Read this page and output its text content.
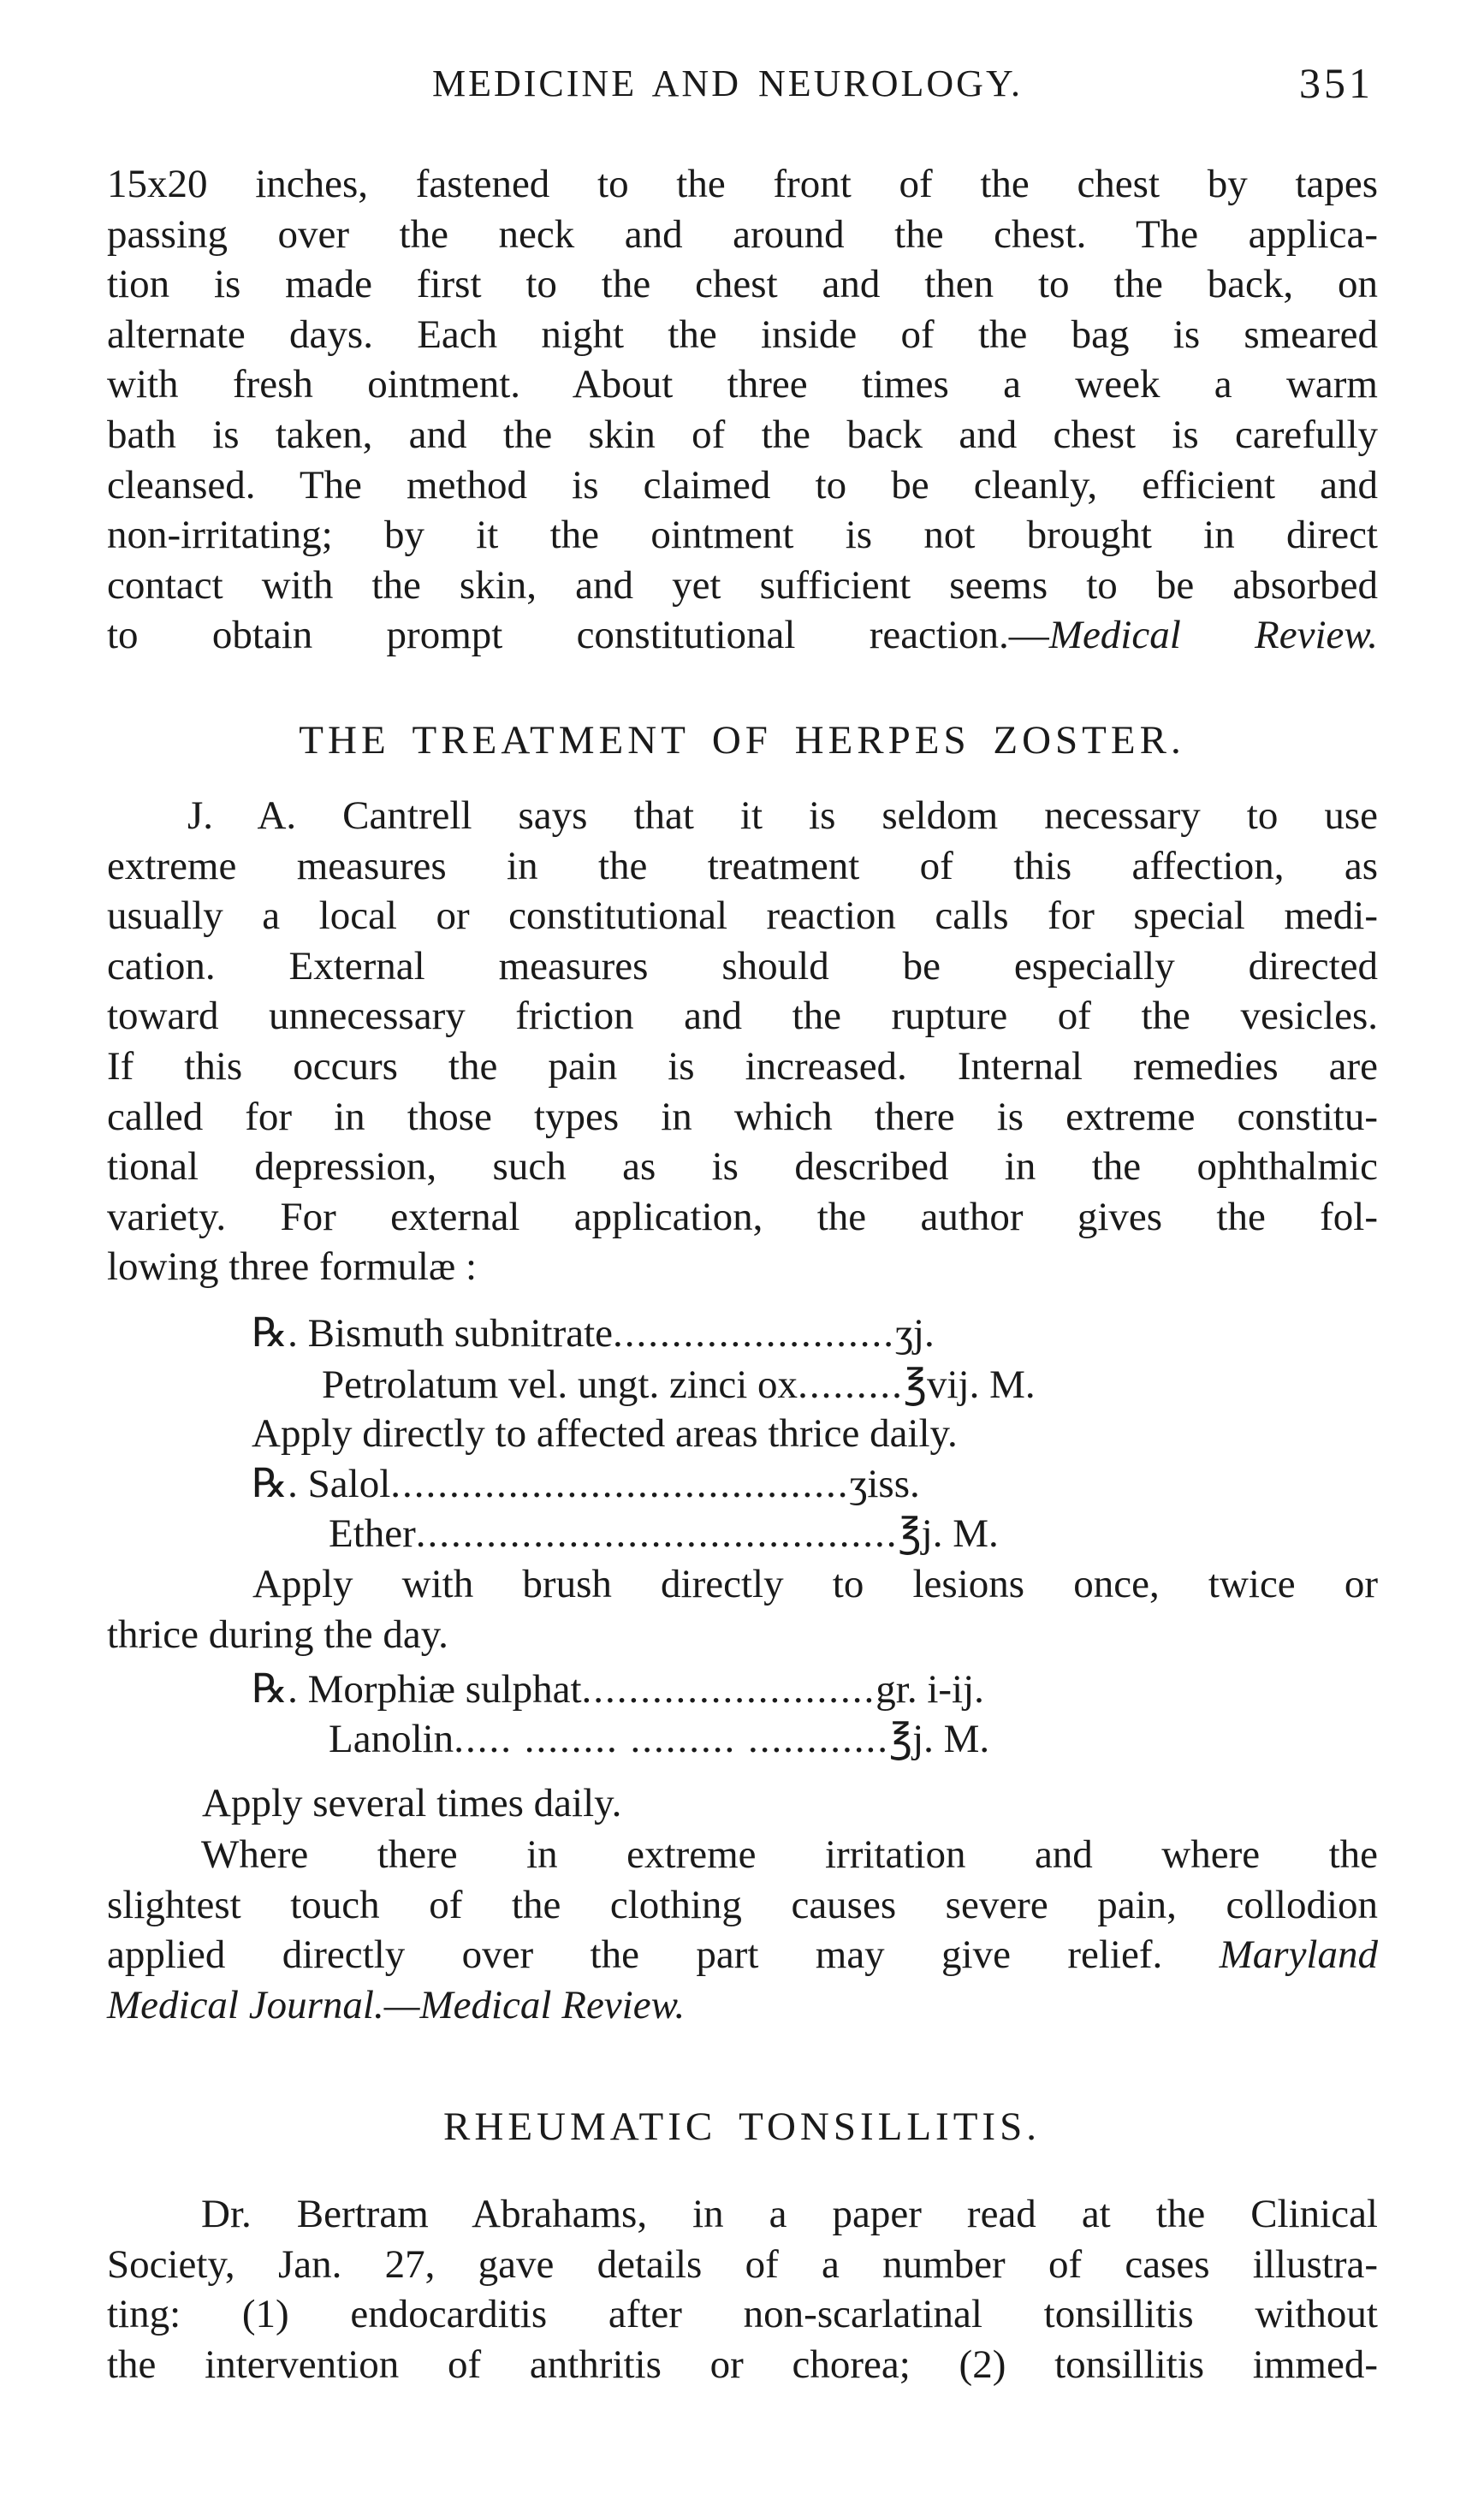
MEDICINE AND NEUROLOGY.	351

15x20 inches, fastened to the front of the chest by tapes
passing over the neck and around the chest. The applica-
tion is made first to the chest and then to the back, on
alternate days. Each night the inside of the bag is smeared
with fresh ointment. About three times a week a warm
bath is taken, and the skin of the back and chest is carefully
cleansed. The method is claimed to be cleanly, efficient and
non-irritating; by it the ointment is not brought in direct
contact with the skin, and yet sufficient seems to be absorbed
to obtain prompt constitutional reaction.—Medical Review.

THE TREATMENT OF HERPES ZOSTER.

J. A. Cantrell says that it is seldom necessary to use
extreme measures in the treatment of this affection, as
usually a local or constitutional reaction calls for special medi-
cation. External measures should be especially directed
toward unnecessary friction and the rupture of the vesicles.
If this occurs the pain is increased. Internal remedies are
called for in those types in which there is extreme constitu-
tional depression, such as is described in the ophthalmic
variety. For external application, the author gives the fol-
lowing three formulæ :

℞. Bismuth subnitrate........................ʒj.
Petrolatum vel. ungt. zinci ox.........℥vij. M.
Apply directly to affected areas thrice daily.
℞. Salol.......................................ʒiss.
Ether.........................................℥j. M.

Apply with brush directly to lesions once, twice or
thrice during the day.

℞. Morphiæ sulphat.........................gr. i-ij.
Lanolin..... ........ ......... ............℥j. M.
Apply several times daily.

Where there in extreme irritation and where the
slightest touch of the clothing causes severe pain, collodion
applied directly over the part may give relief. Maryland
Medical Journal.—Medical Review.

RHEUMATIC TONSILLITIS.

Dr. Bertram Abrahams, in a paper read at the Clinical
Society, Jan. 27, gave details of a number of cases illustra-
ting: (1) endocarditis after non-scarlatinal tonsillitis without
the intervention of anthritis or chorea; (2) tonsillitis immed-
